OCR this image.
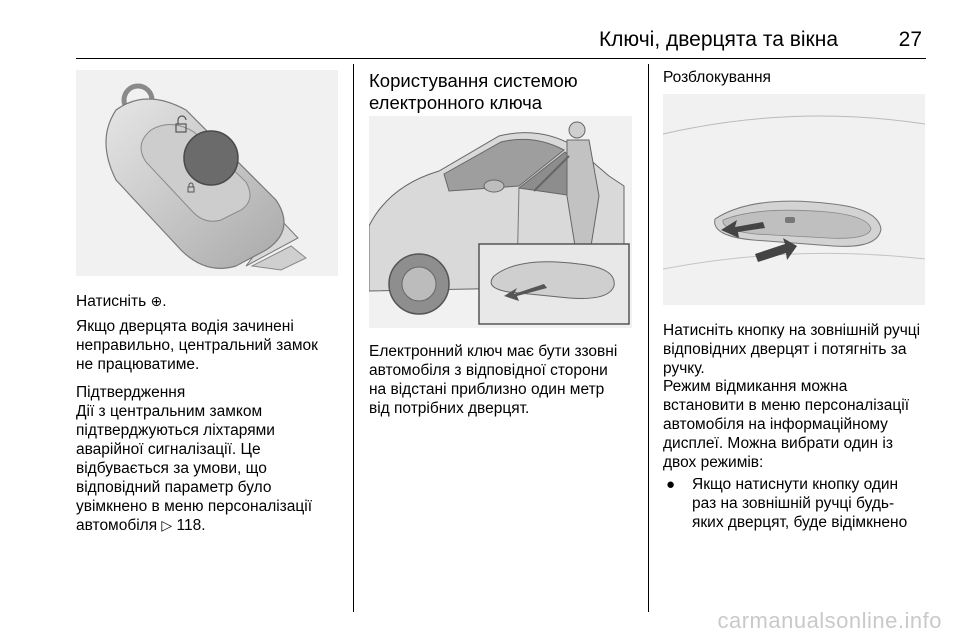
Ключі, дверцята та вікна	27

Натисніть ⊕.

Якщо дверцята водія зачинені

неправильно, центральний замок

не працюватиме.

Підтвердження

Дії з центральним замком

підтверджуються ліхтарями

аварійної сигналізації. Це

відбувається за умови, що

відповідний параметр було

увімкнено в меню персоналізації

автомобіля ▷ 118.

Користування системою
електронного ключа

Електронний ключ має бути ззовні

автомобіля з відповідної сторони

на відстані приблизно один метр

від потрібних дверцят.

Розблокування

Натисніть кнопку на зовнішній ручці

відповідних дверцят і потягніть за

ручку.

Режим відмикання можна

встановити в меню персоналізації

автомобіля на інформаційному

дисплеї. Можна вибрати один із

двох режимів:

● Якщо натиснути кнопку один

раз на зовнішній ручці будь-

яких дверцят, буде відімкнено

carmanualsonline.info
